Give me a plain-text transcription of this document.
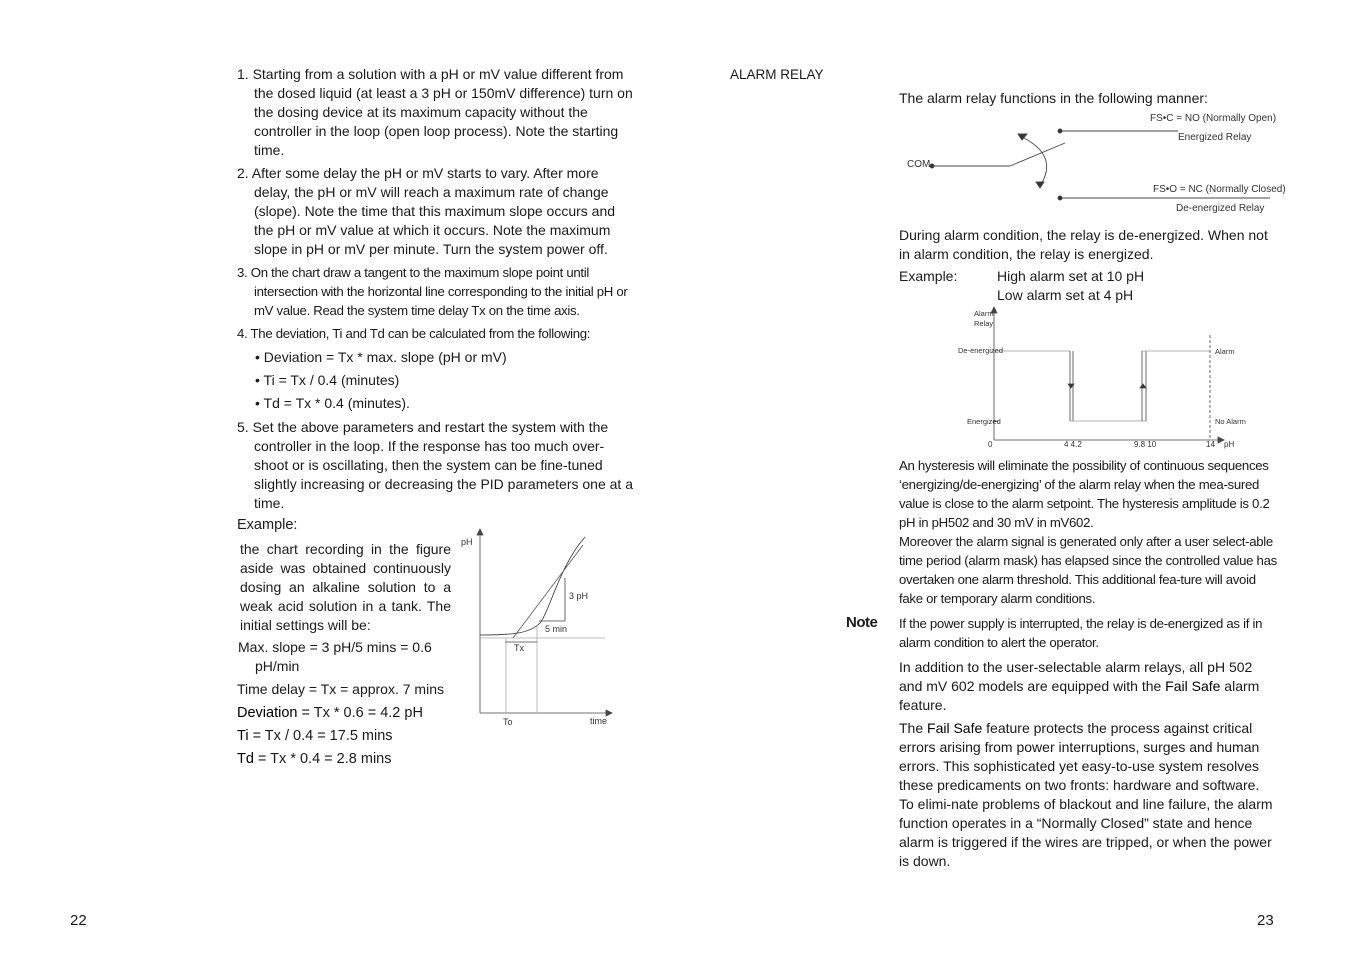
1. Starting from a solution with a pH or mV value different from the dosed liquid (at least a 3 pH or 150mV difference) turn on the dosing device at its maximum capacity without the controller in the loop (open loop process). Note the starting time.

2. After some delay the pH or mV starts to vary. After more delay, the pH or mV will reach a maximum rate of change (slope). Note the time that this maximum slope occurs and the pH or mV value at which it occurs. Note the maximum slope in pH or mV per minute. Turn the system power off.

3. On the chart draw a tangent to the maximum slope point until intersection with the horizontal line corresponding to the initial pH or mV value. Read the system time delay Tx on the time axis.

4. The deviation, Ti and Td can be calculated from the following:

• Deviation = Tx * max. slope (pH or mV)

• Ti = Tx / 0.4 (minutes)

• Td = Tx * 0.4 (minutes).

5. Set the above parameters and restart the system with the controller in the loop. If the response has too much over-shoot or is oscillating, then the system can be fine-tuned slightly increasing or decreasing the PID parameters one at a time.

Example:

the chart recording in the figure aside was obtained continuously dosing an alkaline solution to a weak acid solution in a tank. The initial settings will be:

Max. slope = 3 pH/5 mins = 0.6 pH/min

Time delay = Tx = approx. 7 mins

Deviation = Tx * 0.6 = 4.2 pH

Ti = Tx / 0.4 = 17.5 mins

Td = Tx * 0.4 = 2.8 mins

pH
time
To
Tx
5 min
3 pH
22

ALARM RELAY

The alarm relay functions in the following manner:

FS•C = NO (Normally Open)
Energized Relay
COM
FS•O = NC (Normally Closed)
De-energized Relay

During alarm condition, the relay is de-energized. When not in alarm condition, the relay is energized.

Example:	High alarm set at 10 pH

Low alarm set at 4 pH

Alarm
Relay
De-energized
Energized
Alarm
No Alarm
0	4 4.2	9.8 10	14 pH

An hysteresis will eliminate the possibility of continuous sequences ‘energizing/de-energizing’ of the alarm relay when the mea-sured value is close to the alarm setpoint. The hysteresis amplitude is 0.2 pH in pH502 and 30 mV in mV602.

Moreover the alarm signal is generated only after a user select-able time period (alarm mask) has elapsed since the controlled value has overtaken one alarm threshold. This additional fea-ture will avoid fake or temporary alarm conditions.

Note If the power supply is interrupted, the relay is de-energized as if in alarm condition to alert the operator.

In addition to the user-selectable alarm relays, all pH 502 and mV 602 models are equipped with the Fail Safe alarm feature.

The Fail Safe feature protects the process against critical errors arising from power interruptions, surges and human errors. This sophisticated yet easy-to-use system resolves these predicaments on two fronts: hardware and software. To elimi-nate problems of blackout and line failure, the alarm function operates in a “Normally Closed” state and hence alarm is triggered if the wires are tripped, or when the power is down.

23
